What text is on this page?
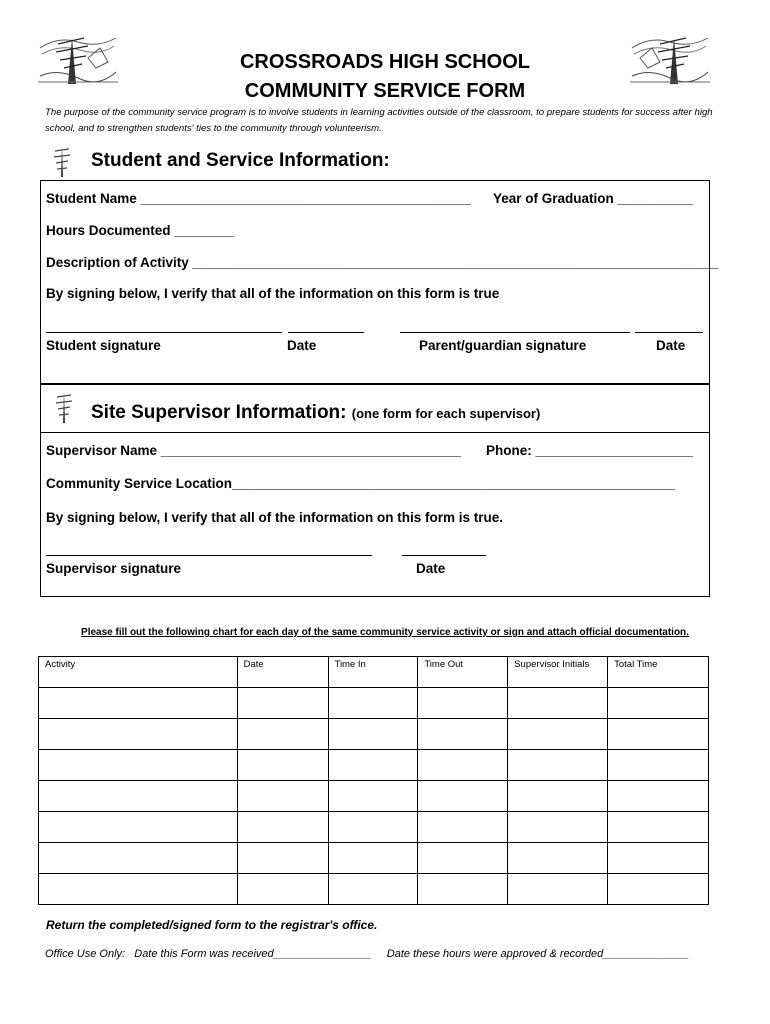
CROSSROADS HIGH SCHOOL
COMMUNITY SERVICE FORM
The purpose of the community service program is to involve students in learning activities outside of the classroom, to prepare students for success after high school, and to strengthen students' ties to the community through volunteerism.
Student and Service Information:
Student Name ____________________________________________ Year of Graduation __________
Hours Documented ________
Description of Activity ______________________________________________________________________
By signing below, I verify that all of the information on this form is true
Student signature	Date	Parent/guardian signature	Date
Site Supervisor Information: (one form for each supervisor)
Supervisor Name ________________________________________ Phone: _____________________
Community Service Location___________________________________________________________
By signing below, I verify that all of the information on this form is true.
Supervisor signature	Date
Please fill out the following chart for each day of the same community service activity or sign and attach official documentation.
Activity	Date	Time In	Time Out	Supervisor Initials	Total Time

Return the completed/signed form to the registrar's office.
Office Use Only:   Date this Form was received________________     Date these hours were approved & recorded______________
